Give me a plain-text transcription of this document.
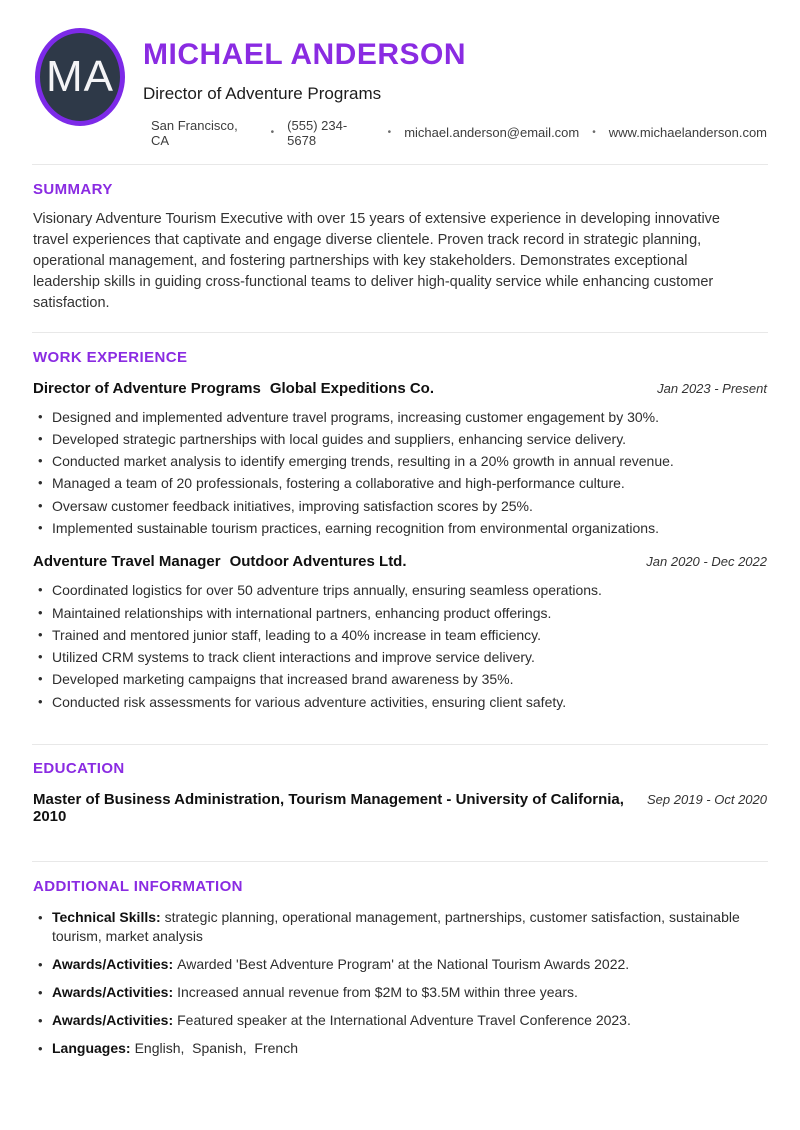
MA MICHAEL ANDERSON
Director of Adventure Programs
San Francisco, CA	• (555) 234-5678	• michael.anderson@email.com • www.michaelanderson.com
SUMMARY

Visionary Adventure Tourism Executive with over 15 years of extensive experience in developing innovative travel experiences that captivate and engage diverse clientele. Proven track record in strategic planning, operational management, and fostering partnerships with key stakeholders. Demonstrates exceptional leadership skills in guiding cross-functional teams to deliver high-quality service while enhancing customer satisfaction.

WORK EXPERIENCE
Director of Adventure Programs Global Expeditions Co.	Jan 2023 - Present
• Designed and implemented adventure travel programs, increasing customer engagement by 30%.
• Developed strategic partnerships with local guides and suppliers, enhancing service delivery.
• Conducted market analysis to identify emerging trends, resulting in a 20% growth in annual revenue.
• Managed a team of 20 professionals, fostering a collaborative and high-performance culture.
• Oversaw customer feedback initiatives, improving satisfaction scores by 25%.
• Implemented sustainable tourism practices, earning recognition from environmental organizations.
Adventure Travel Manager Outdoor Adventures Ltd.	Jan 2020 - Dec 2022
• Coordinated logistics for over 50 adventure trips annually, ensuring seamless operations.
• Maintained relationships with international partners, enhancing product offerings.
• Trained and mentored junior staff, leading to a 40% increase in team efficiency.
• Utilized CRM systems to track client interactions and improve service delivery.
• Developed marketing campaigns that increased brand awareness by 35%.
• Conducted risk assessments for various adventure activities, ensuring client safety.
EDUCATION
Master of Business Administration, Tourism Management - University of California, 2010
Sep 2019 - Oct 2020
ADDITIONAL INFORMATION
• Technical Skills: strategic planning, operational management, partnerships, customer satisfaction, sustainable tourism, market analysis
• Awards/Activities: Awarded 'Best Adventure Program' at the National Tourism Awards 2022.
• Awards/Activities: Increased annual revenue from $2M to $3.5M within three years.
• Awards/Activities: Featured speaker at the International Adventure Travel Conference 2023.
• Languages: English,  Spanish,  French
